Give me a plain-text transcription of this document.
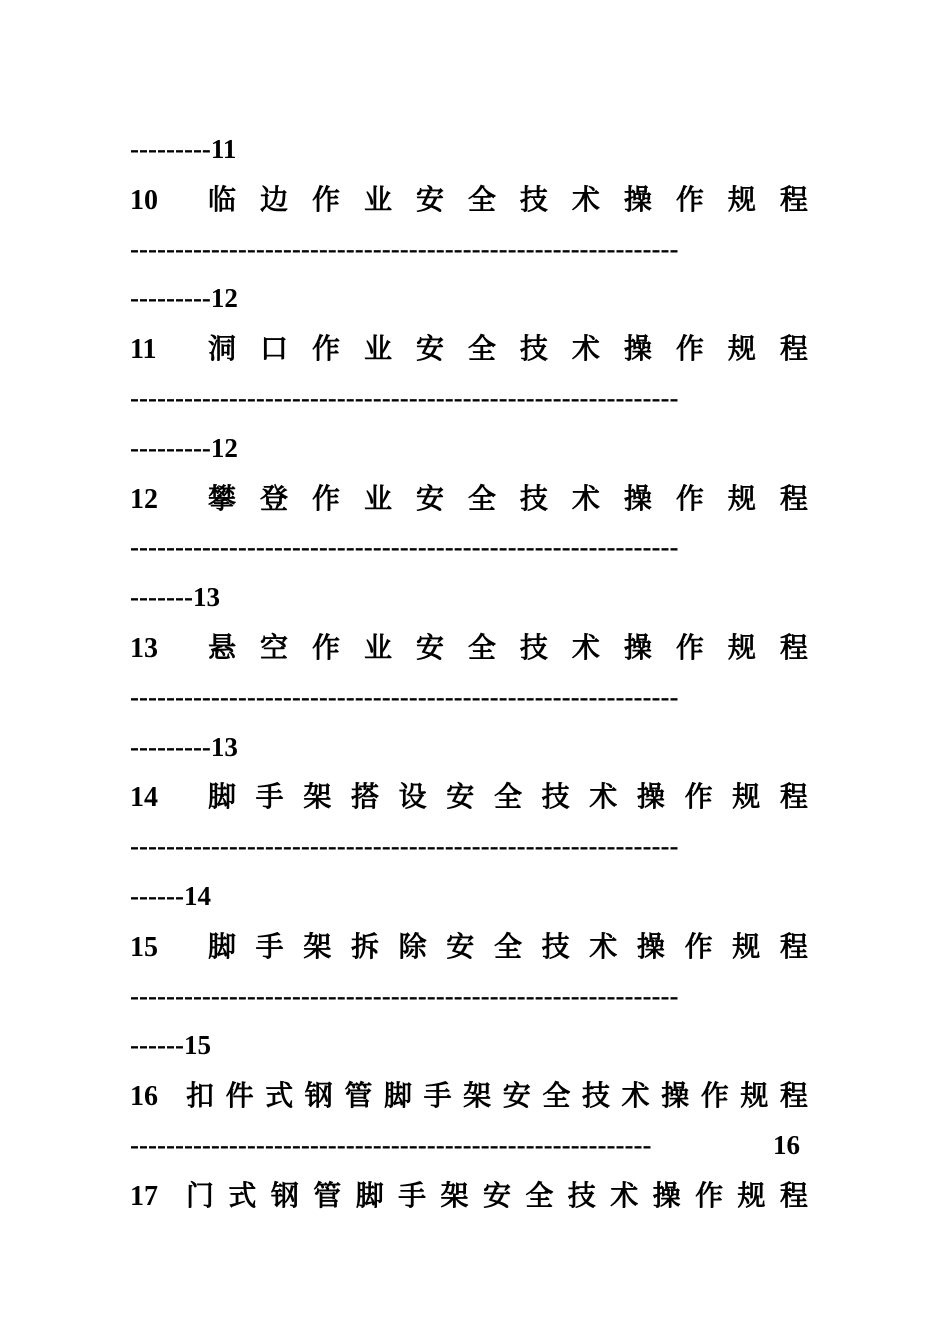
---------11
10	临 边 作 业 安 全 技 术 操 作 规 程
-------------------------------------------------------------
---------12
11	洞 口 作 业 安 全 技 术 操 作 规 程
-------------------------------------------------------------
---------12
12	攀 登 作 业 安 全 技 术 操 作 规 程
-------------------------------------------------------------
-------13
13	悬 空 作 业 安 全 技 术 操 作 规 程
-------------------------------------------------------------
---------13
14	脚 手 架 搭 设 安 全 技 术 操 作 规 程
-------------------------------------------------------------
------14
15	脚 手 架 拆 除 安 全 技 术 操 作 规 程
-------------------------------------------------------------
------15
16	扣 件 式 钢 管 脚 手 架 安 全 技 术 操 作 规 程
----------------------------------------------------------	16
17	门 式 钢 管 脚 手 架 安 全 技 术 操 作 规 程
